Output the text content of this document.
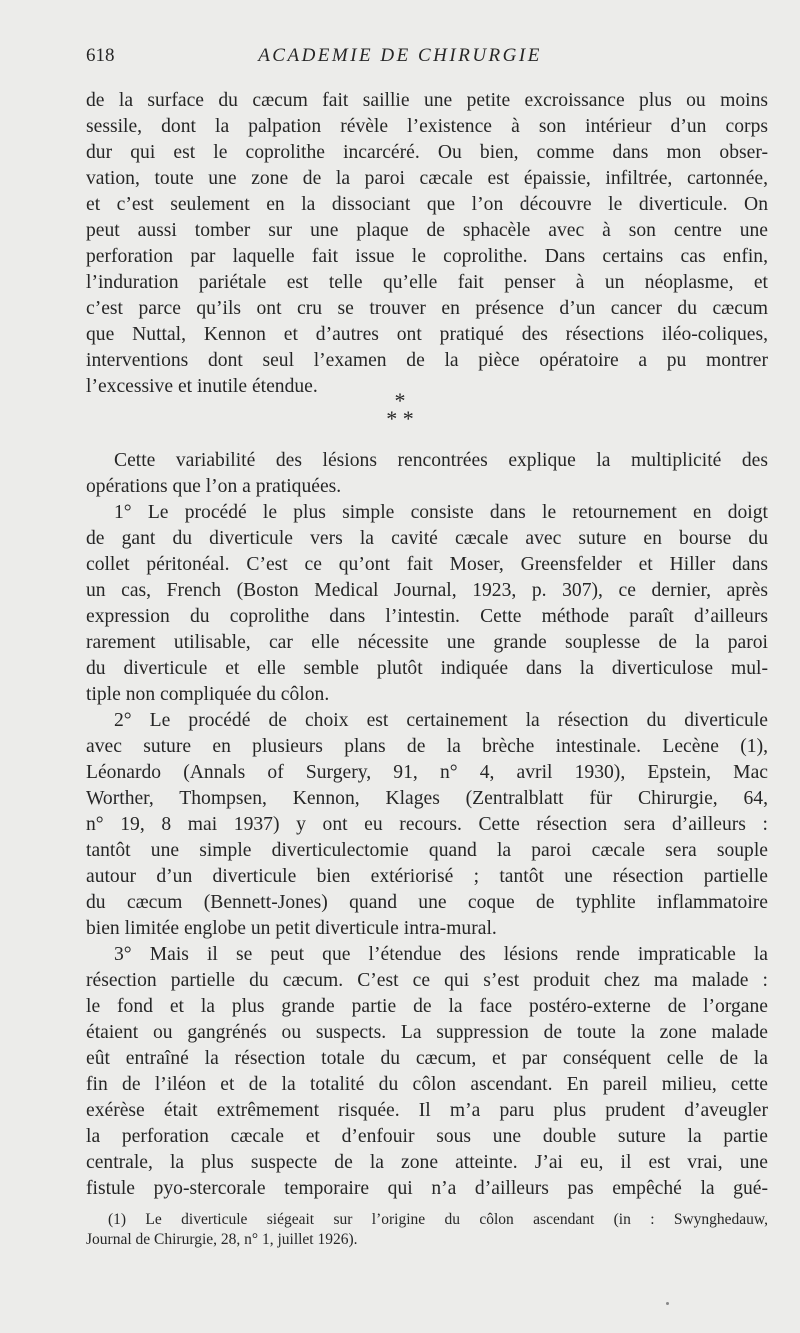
618	ACADEMIE DE CHIRURGIE
de la surface du cæcum fait saillie une petite excroissance plus ou moins
sessile, dont la palpation révèle l’existence à son intérieur d’un corps
dur qui est le coprolithe incarcéré. Ou bien, comme dans mon obser-
vation, toute une zone de la paroi cæcale est épaissie, infiltrée, cartonnée,
et c’est seulement en la dissociant que l’on découvre le diverticule. On
peut aussi tomber sur une plaque de sphacèle avec à son centre une
perforation par laquelle fait issue le coprolithe. Dans certains cas enfin,
l’induration pariétale est telle qu’elle fait penser à un néoplasme, et
c’est parce qu’ils ont cru se trouver en présence d’un cancer du cæcum
que Nuttal, Kennon et d’autres ont pratiqué des résections iléo-coliques,
interventions dont seul l’examen de la pièce opératoire a pu montrer
l’excessive et inutile étendue.
*
* *
Cette variabilité des lésions rencontrées explique la multiplicité des
opérations que l’on a pratiquées.
1° Le procédé le plus simple consiste dans le retournement en doigt
de gant du diverticule vers la cavité cæcale avec suture en bourse du
collet péritonéal. C’est ce qu’ont fait Moser, Greensfelder et Hiller dans
un cas, French (Boston Medical Journal, 1923, p. 307), ce dernier, après
expression du coprolithe dans l’intestin. Cette méthode paraît d’ailleurs
rarement utilisable, car elle nécessite une grande souplesse de la paroi
du diverticule et elle semble plutôt indiquée dans la diverticulose mul-
tiple non compliquée du côlon.
2° Le procédé de choix est certainement la résection du diverticule
avec suture en plusieurs plans de la brèche intestinale. Lecène (1),
Léonardo (Annals of Surgery, 91, n° 4, avril 1930), Epstein, Mac
Worther, Thompsen, Kennon, Klages (Zentralblatt für Chirurgie, 64,
n° 19, 8 mai 1937) y ont eu recours. Cette résection sera d’ailleurs :
tantôt une simple diverticulectomie quand la paroi cæcale sera souple
autour d’un diverticule bien extériorisé ; tantôt une résection partielle
du cæcum (Bennett-Jones) quand une coque de typhlite inflammatoire
bien limitée englobe un petit diverticule intra-mural.
3° Mais il se peut que l’étendue des lésions rende impraticable la
résection partielle du cæcum. C’est ce qui s’est produit chez ma malade :
le fond et la plus grande partie de la face postéro-externe de l’organe
étaient ou gangrénés ou suspects. La suppression de toute la zone malade
eût entraîné la résection totale du cæcum, et par conséquent celle de la
fin de l’iléon et de la totalité du côlon ascendant. En pareil milieu, cette
exérèse était extrêmement risquée. Il m’a paru plus prudent d’aveugler
la perforation cæcale et d’enfouir sous une double suture la partie
centrale, la plus suspecte de la zone atteinte. J’ai eu, il est vrai, une
fistule pyo-stercorale temporaire qui n’a d’ailleurs pas empêché la gué-
(1) Le diverticule siégeait sur l’origine du côlon ascendant (in : Swynghedauw,
Journal de Chirurgie, 28, n° 1, juillet 1926).
